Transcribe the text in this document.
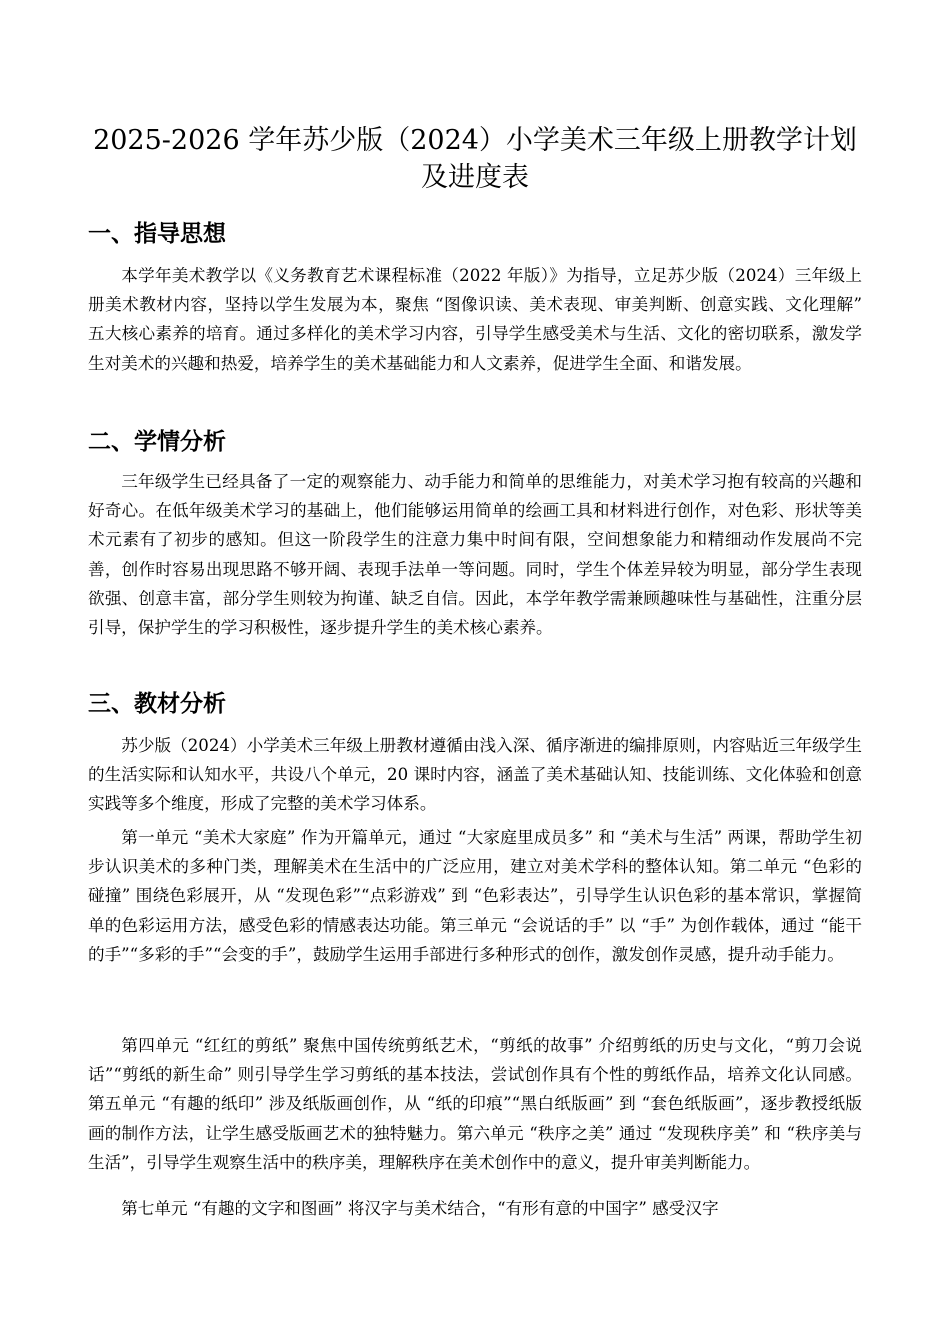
2025-2026 学年苏少版（2024）小学美术三年级上册教学计划
及进度表
一、指导思想

本学年美术教学以《义务教育艺术课程标准（2022 年版）》为指导，立足苏少版（2024）三年级上册美术教材内容，坚持以学生发展为本，聚焦 “图像识读、美术表现、审美判断、创意实践、文化理解” 五大核心素养的培育。通过多样化的美术学习内容，引导学生感受美术与生活、文化的密切联系，激发学生对美术的兴趣和热爱，培养学生的美术基础能力和人文素养，促进学生全面、和谐发展。

二、学情分析

三年级学生已经具备了一定的观察能力、动手能力和简单的思维能力，对美术学习抱有较高的兴趣和好奇心。在低年级美术学习的基础上，他们能够运用简单的绘画工具和材料进行创作，对色彩、形状等美术元素有了初步的感知。但这一阶段学生的注意力集中时间有限，空间想象能力和精细动作发展尚不完善，创作时容易出现思路不够开阔、表现手法单一等问题。同时，学生个体差异较为明显，部分学生表现欲强、创意丰富，部分学生则较为拘谨、缺乏自信。因此，本学年教学需兼顾趣味性与基础性，注重分层引导，保护学生的学习积极性，逐步提升学生的美术核心素养。

三、教材分析

苏少版（2024）小学美术三年级上册教材遵循由浅入深、循序渐进的编排原则，内容贴近三年级学生的生活实际和认知水平，共设八个单元，20 课时内容，涵盖了美术基础认知、技能训练、文化体验和创意实践等多个维度，形成了完整的美术学习体系。

第一单元 “美术大家庭” 作为开篇单元，通过 “大家庭里成员多” 和 “美术与生活” 两课，帮助学生初步认识美术的多种门类，理解美术在生活中的广泛应用，建立对美术学科的整体认知。第二单元 “色彩的碰撞” 围绕色彩展开，从 “发现色彩”“点彩游戏” 到 “色彩表达”，引导学生认识色彩的基本常识，掌握简单的色彩运用方法，感受色彩的情感表达功能。第三单元 “会说话的手” 以 “手” 为创作载体，通过 “能干的手”“多彩的手”“会变的手”，鼓励学生运用手部进行多种形式的创作，激发创作灵感，提升动手能力。

第四单元 “红红的剪纸” 聚焦中国传统剪纸艺术，“剪纸的故事” 介绍剪纸的历史与文化，“剪刀会说话”“剪纸的新生命” 则引导学生学习剪纸的基本技法，尝试创作具有个性的剪纸作品，培养文化认同感。第五单元 “有趣的纸印” 涉及纸版画创作，从 “纸的印痕”“黑白纸版画” 到 “套色纸版画”，逐步教授纸版画的制作方法，让学生感受版画艺术的独特魅力。第六单元 “秩序之美” 通过 “发现秩序美” 和 “秩序美与生活”，引导学生观察生活中的秩序美，理解秩序在美术创作中的意义，提升审美判断能力。

第七单元 “有趣的文字和图画” 将汉字与美术结合，“有形有意的中国字” 感受汉字
